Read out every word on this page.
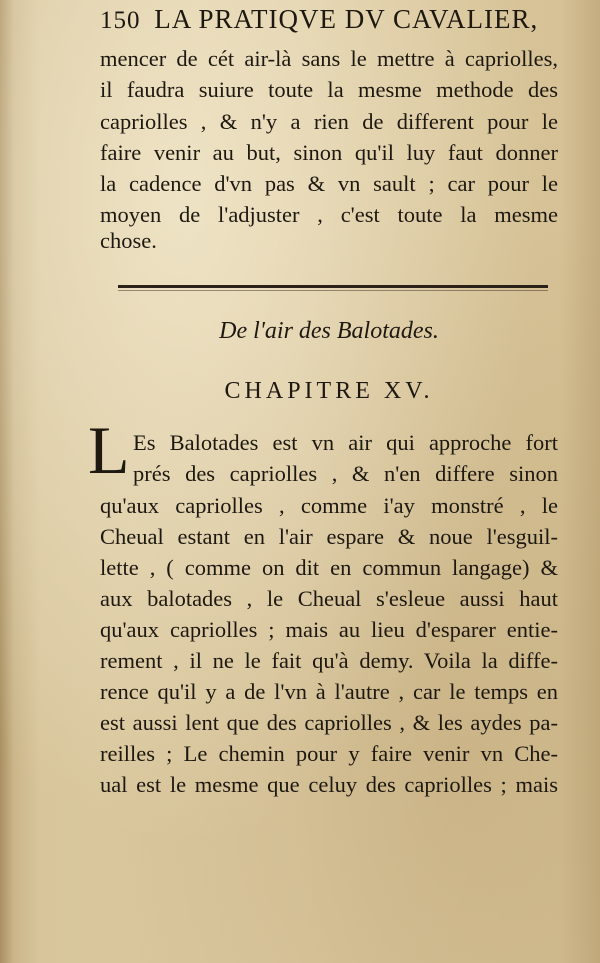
150 LA PRATIQVE DV CAVALIER,
mencer de cét air-là sans le mettre à capriolles,
il faudra suiure toute la mesme methode des
capriolles , & n'y a rien de different pour le
faire venir au but, sinon qu'il luy faut donner
la cadence d'vn pas & vn sault ; car pour le
moyen de l'adjuster , c'est toute la mesme
chose.
De l'air des Balotades.
CHAPITRE XV.
L Es Balotades est vn air qui approche fort
prés des capriolles , & n'en differe sinon
qu'aux capriolles , comme i'ay monstré , le
Cheual estant en l'air espare & noue l'esguil-
lette , ( comme on dit en commun langage) &
aux balotades , le Cheual s'esleue aussi haut
qu'aux capriolles ; mais au lieu d'esparer entie-
rement , il ne le fait qu'à demy. Voila la diffe-
rence qu'il y a de l'vn à l'autre , car le temps en
est aussi lent que des capriolles , & les aydes pa-
reilles ; Le chemin pour y faire venir vn Che-
ual est le mesme que celuy des capriolles ; mais
